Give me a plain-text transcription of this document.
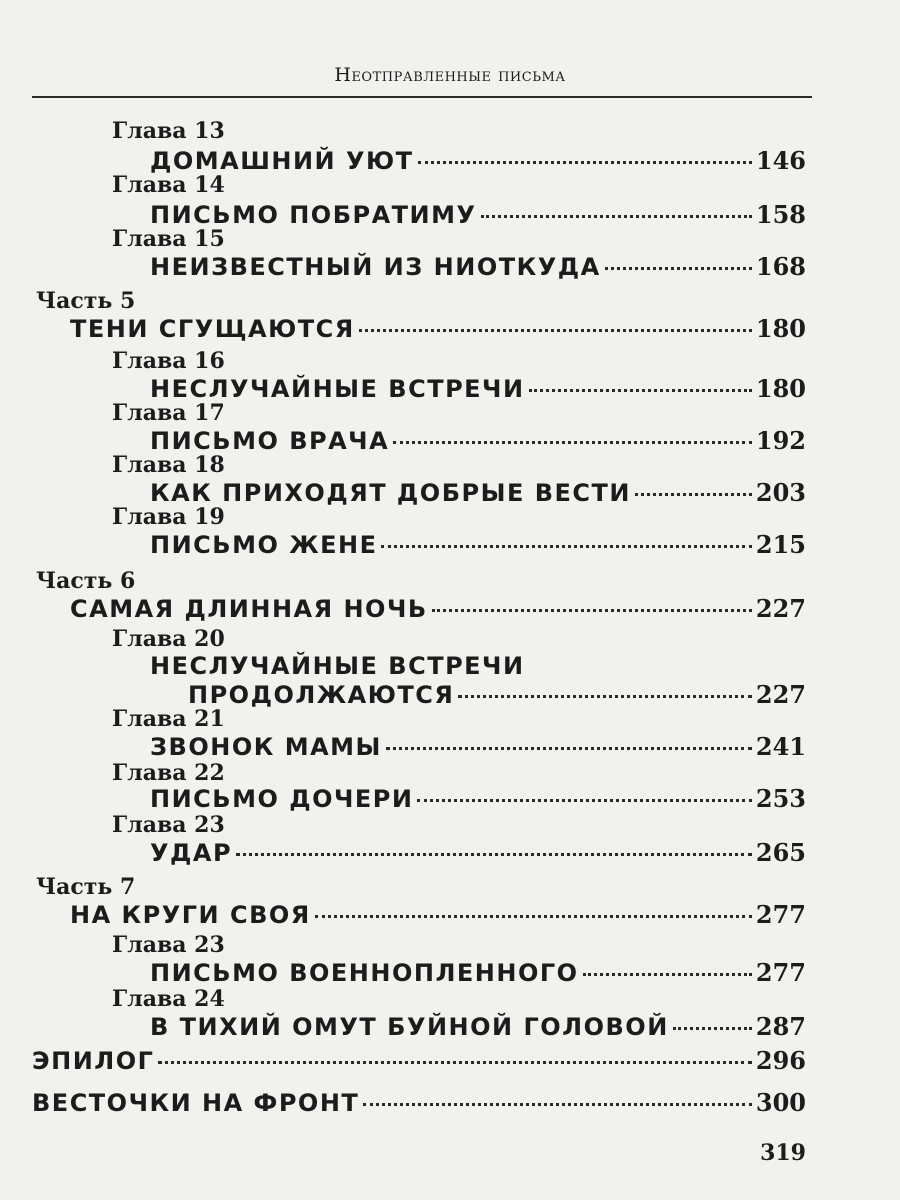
Неотправленные письма
Глава 13
ДОМАШНИЙ УЮТ	146
Глава 14
ПИСЬМО ПОБРАТИМУ	158
Глава 15
НЕИЗВЕСТНЫЙ ИЗ НИОТКУДА	168
Часть 5
ТЕНИ СГУЩАЮТСЯ	180
Глава 16
НЕСЛУЧАЙНЫЕ ВСТРЕЧИ	180
Глава 17
ПИСЬМО ВРАЧА	192
Глава 18
КАК ПРИХОДЯТ ДОБРЫЕ ВЕСТИ	203
Глава 19
ПИСЬМО ЖЕНЕ	215
Часть 6
САМАЯ ДЛИННАЯ НОЧЬ	227
Глава 20
НЕСЛУЧАЙНЫЕ ВСТРЕЧИ
ПРОДОЛЖАЮТСЯ	227
Глава 21
ЗВОНОК МАМЫ	241
Глава 22
ПИСЬМО ДОЧЕРИ	253
Глава 23
УДАР	265
Часть 7
НА КРУГИ СВОЯ	277
Глава 23
ПИСЬМО ВОЕННОПЛЕННОГО	277
Глава 24
В ТИХИЙ ОМУТ БУЙНОЙ ГОЛОВОЙ	287
ЭПИЛОГ	296
ВЕСТОЧКИ НА ФРОНТ	300
319
